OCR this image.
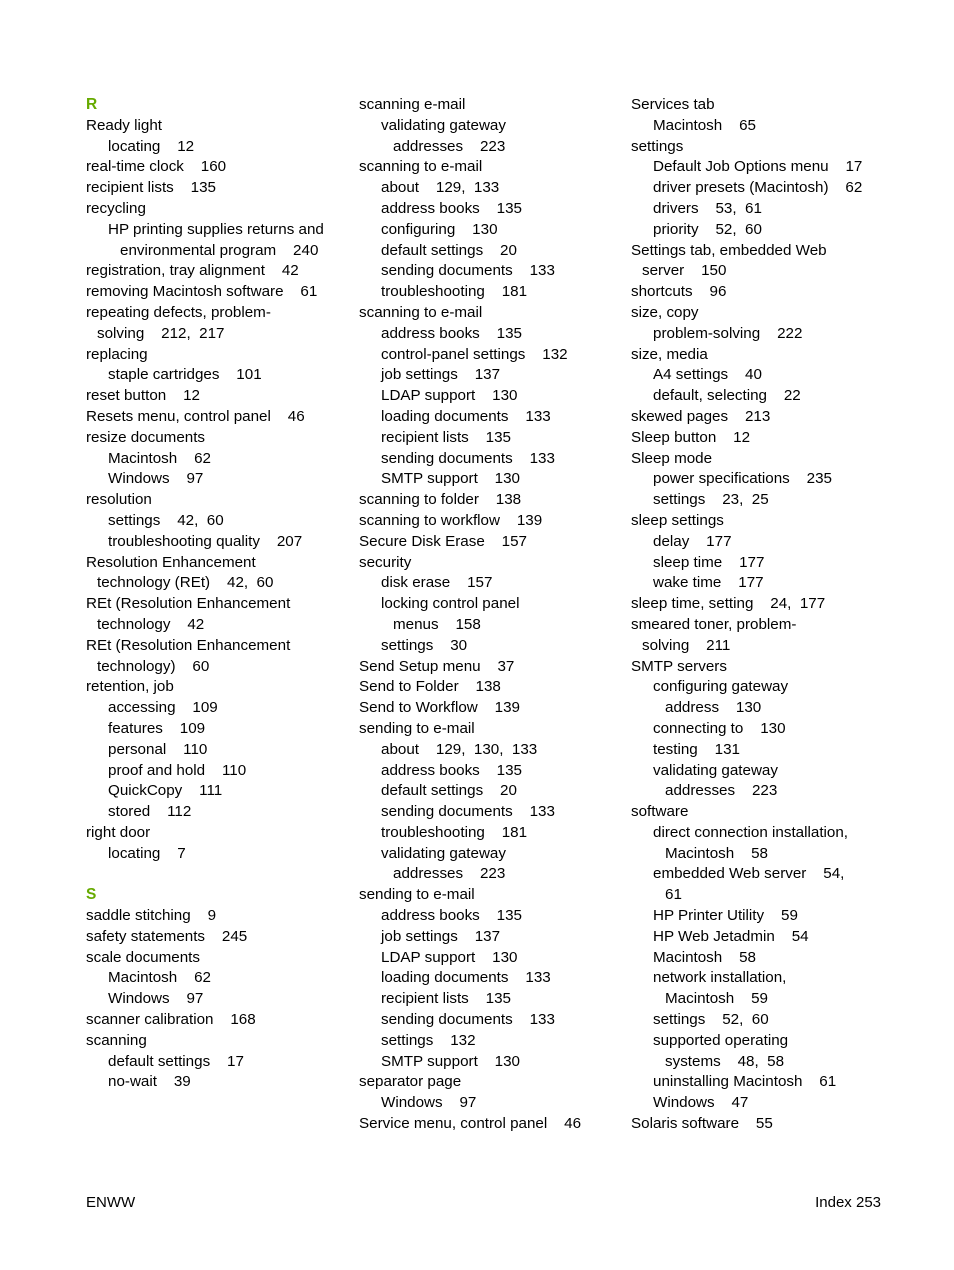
R
Ready light
locating    12
real-time clock    160
recipient lists    135
recycling
HP printing supplies returns and
environmental program    240
registration, tray alignment    42
removing Macintosh software    61
repeating defects, problem-
solving    212,  217
replacing
staple cartridges    101
reset button    12
Resets menu, control panel    46
resize documents
Macintosh    62
Windows    97
resolution
settings    42,  60
troubleshooting quality    207
Resolution Enhancement
technology (REt)    42,  60
REt (Resolution Enhancement
technology    42
REt (Resolution Enhancement
technology)    60
retention, job
accessing    109
features    109
personal    110
proof and hold    110
QuickCopy    111
stored    112
right door
locating    7
S
saddle stitching    9
safety statements    245
scale documents
Macintosh    62
Windows    97
scanner calibration    168
scanning
default settings    17
no-wait    39
scanning e-mail
validating gateway
addresses    223
scanning to e-mail
about    129,  133
address books    135
configuring    130
default settings    20
sending documents    133
troubleshooting    181
scanning to e-mail
address books    135
control-panel settings    132
job settings    137
LDAP support    130
loading documents    133
recipient lists    135
sending documents    133
SMTP support    130
scanning to folder    138
scanning to workflow    139
Secure Disk Erase    157
security
disk erase    157
locking control panel
menus    158
settings    30
Send Setup menu    37
Send to Folder    138
Send to Workflow    139
sending to e-mail
about    129,  130,  133
address books    135
default settings    20
sending documents    133
troubleshooting    181
validating gateway
addresses    223
sending to e-mail
address books    135
job settings    137
LDAP support    130
loading documents    133
recipient lists    135
sending documents    133
settings    132
SMTP support    130
separator page
Windows    97
Service menu, control panel    46
Services tab
Macintosh    65
settings
Default Job Options menu    17
driver presets (Macintosh)    62
drivers    53,  61
priority    52,  60
Settings tab, embedded Web
server    150
shortcuts    96
size, copy
problem-solving    222
size, media
A4 settings    40
default, selecting    22
skewed pages    213
Sleep button    12
Sleep mode
power specifications    235
settings    23,  25
sleep settings
delay    177
sleep time    177
wake time    177
sleep time, setting    24,  177
smeared toner, problem-
solving    211
SMTP servers
configuring gateway
address    130
connecting to    130
testing    131
validating gateway
addresses    223
software
direct connection installation,
Macintosh    58
embedded Web server    54,
61
HP Printer Utility    59
HP Web Jetadmin    54
Macintosh    58
network installation,
Macintosh    59
settings    52,  60
supported operating
systems    48,  58
uninstalling Macintosh    61
Windows    47
Solaris software    55
ENWW	Index 253
